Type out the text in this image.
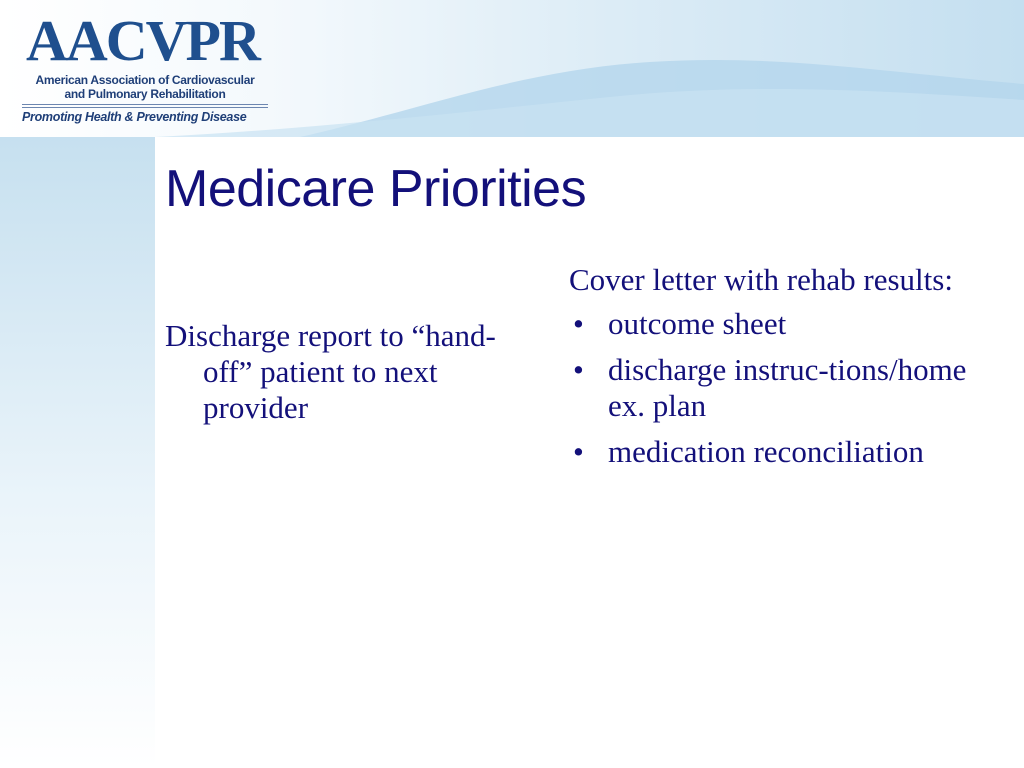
AACVPR
American Association of Cardiovascular
and Pulmonary Rehabilitation
Promoting Health & Preventing Disease
Medicare Priorities

Discharge report to “hand-off” patient to next provider

Cover letter with rehab results:

• outcome sheet
• discharge instruc-tions/home ex. plan
• medication reconciliation
